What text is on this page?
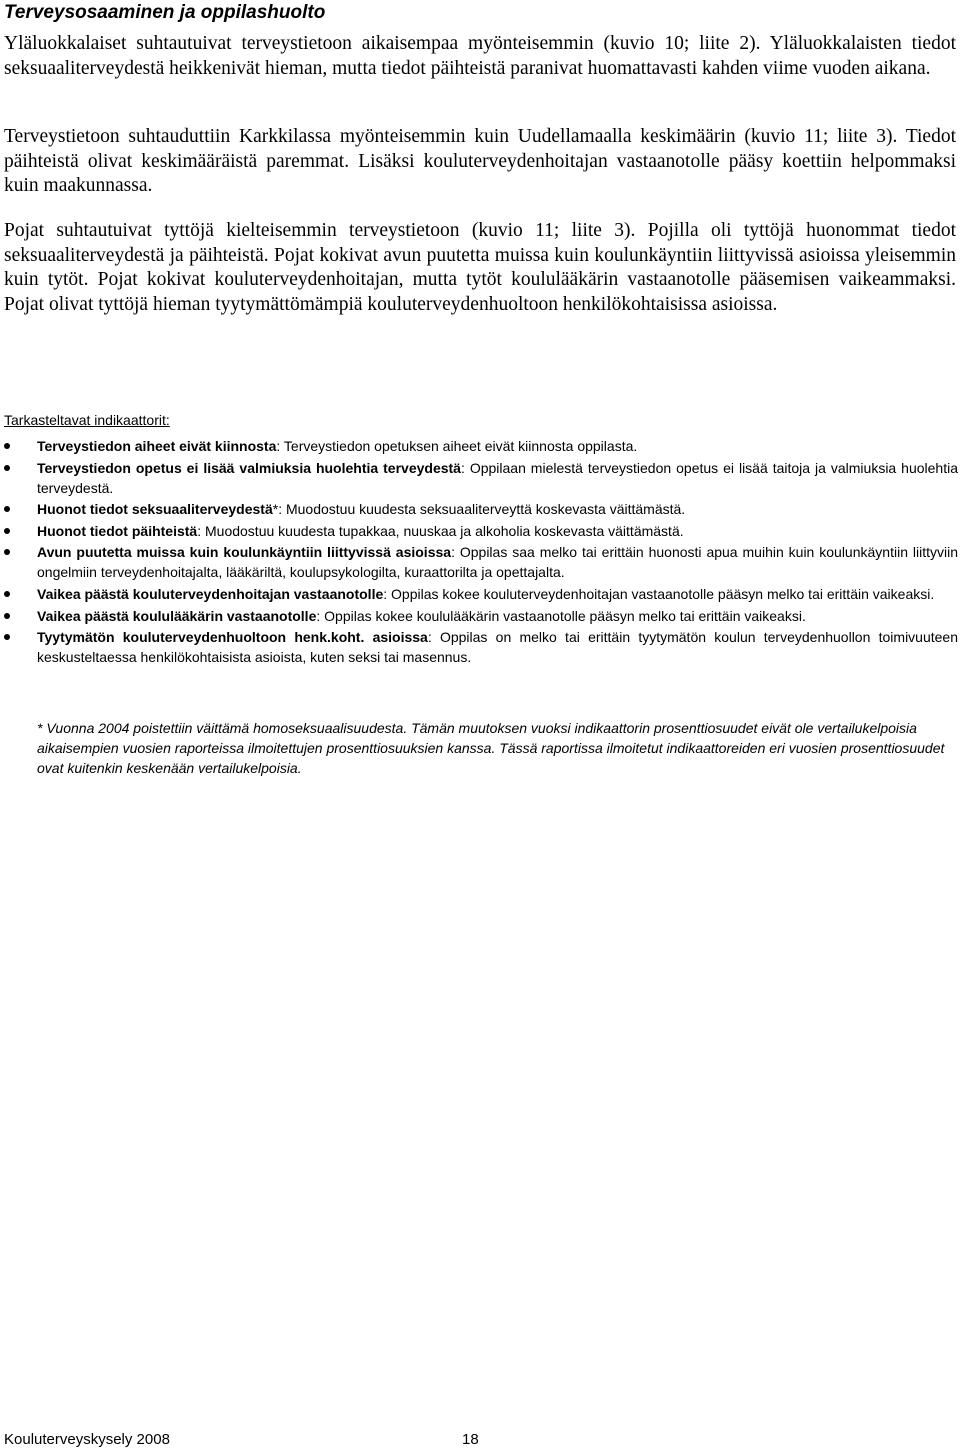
Terveysosaaminen ja oppilashuolto

Yläluokkalaiset suhtautuivat terveystietoon aikaisempaa myönteisemmin (kuvio 10; liite 2). Yläluokkalaisten tiedot seksuaaliterveydestä heikkenivät hieman, mutta tiedot päihteistä paranivat huomattavasti kahden viime vuoden aikana.

Terveystietoon suhtauduttiin Karkkilassa myönteisemmin kuin Uudellamaalla keskimäärin (kuvio 11; liite 3). Tiedot päihteistä olivat keskimääräistä paremmat. Lisäksi kouluterveydenhoitajan vastaanotolle pääsy koettiin helpommaksi kuin maakunnassa.

Pojat suhtautuivat tyttöjä kielteisemmin terveystietoon (kuvio 11; liite 3). Pojilla oli tyttöjä huonommat tiedot seksuaaliterveydestä ja päihteistä. Pojat kokivat avun puutetta muissa kuin koulunkäyntiin liittyvissä asioissa yleisemmin kuin tytöt. Pojat kokivat kouluterveydenhoitajan, mutta tytöt koululääkärin vastaanotolle pääsemisen vaikeammaksi. Pojat olivat tyttöjä hieman tyytymättömämpiä kouluterveydenhuoltoon henkilökohtaisissa asioissa.

Tarkasteltavat indikaattorit:

Terveystiedon aiheet eivät kiinnosta: Terveystiedon opetuksen aiheet eivät kiinnosta oppilasta.
Terveystiedon opetus ei lisää valmiuksia huolehtia terveydestä: Oppilaan mielestä terveystiedon opetus ei lisää taitoja ja valmiuksia huolehtia terveydestä.
Huonot tiedot seksuaaliterveydestä*: Muodostuu kuudesta seksuaaliterveyttä koskevasta väittämästä.
Huonot tiedot päihteistä: Muodostuu kuudesta tupakkaa, nuuskaa ja alkoholia koskevasta väittämästä.
Avun puutetta muissa kuin koulunkäyntiin liittyvissä asioissa: Oppilas saa melko tai erittäin huonosti apua muihin kuin koulunkäyntiin liittyviin ongelmiin terveydenhoitajalta, lääkäriltä, koulupsykologilta, kuraattorilta ja opettajalta.
Vaikea päästä kouluterveydenhoitajan vastaanotolle: Oppilas kokee kouluterveydenhoitajan vastaanotolle pääsyn melko tai erittäin vaikeaksi.
Vaikea päästä koululääkärin vastaanotolle: Oppilas kokee koululääkärin vastaanotolle pääsyn melko tai erittäin vaikeaksi.
Tyytymätön kouluterveydenhuoltoon henk.koht. asioissa: Oppilas on melko tai erittäin tyytymätön koulun terveydenhuollon toimivuuteen keskusteltaessa henkilökohtaisista asioista, kuten seksi tai masennus.

* Vuonna 2004 poistettiin väittämä homoseksuaalisuudesta. Tämän muutoksen vuoksi indikaattorin prosenttiosuudet eivät ole vertailukelpoisia aikaisempien vuosien raporteissa ilmoitettujen prosenttiosuuksien kanssa. Tässä raportissa ilmoitetut indikaattoreiden eri vuosien prosenttiosuudet ovat kuitenkin keskenään vertailukelpoisia.

Kouluterveyskysely 2008	18
